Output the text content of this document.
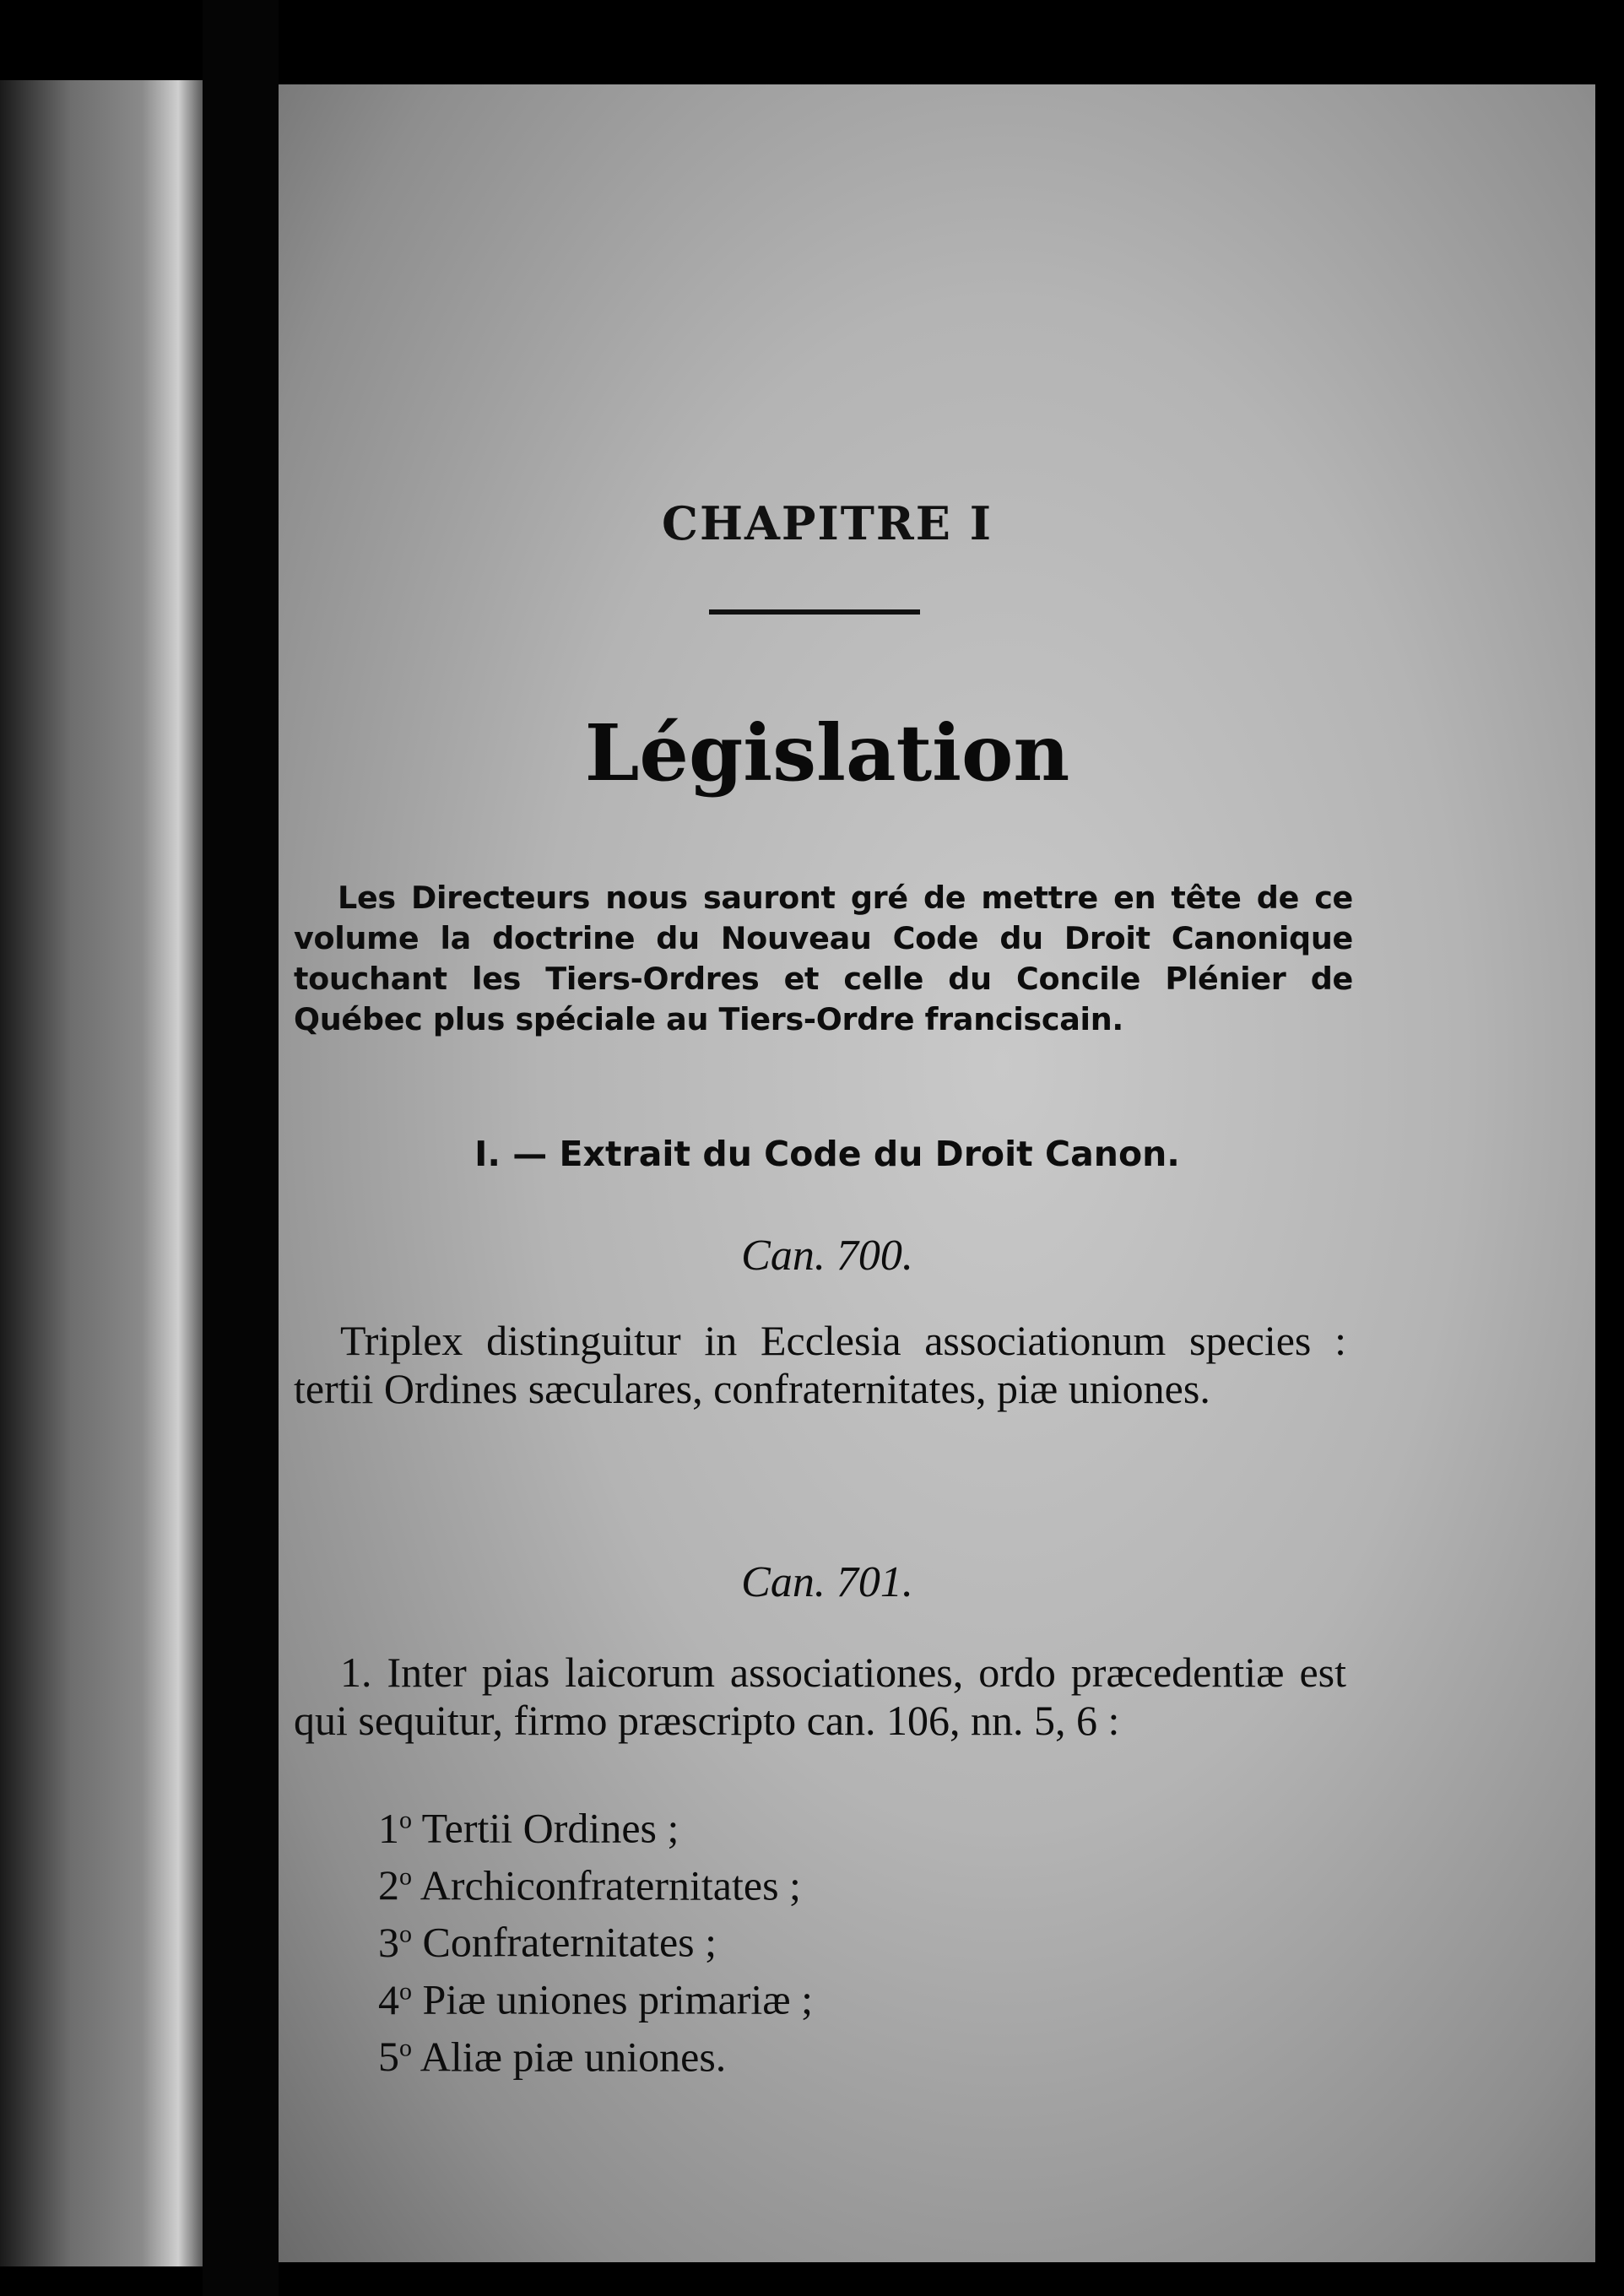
CHAPITRE I
Législation
Les Directeurs nous sauront gré de mettre en tête de ce volume la doctrine du Nouveau Code du Droit Canonique touchant les Tiers-Ordres et celle du Concile Plénier de Québec plus spéciale au Tiers-Ordre franciscain.
I. — Extrait du Code du Droit Canon.
Can. 700.
Triplex distinguitur in Ecclesia associationum species : tertii Ordines sæculares, confraternitates, piæ uniones.
Can. 701.
1. Inter pias laicorum associationes, ordo præcedentiæ est qui sequitur, firmo præscripto can. 106, nn. 5, 6 :
1$^o$ Tertii Ordines ;
2$^o$ Archiconfraternitates ;
3$^o$ Confraternitates ;
4$^o$ Piæ uniones primariæ ;
5$^o$ Aliæ piæ uniones.
